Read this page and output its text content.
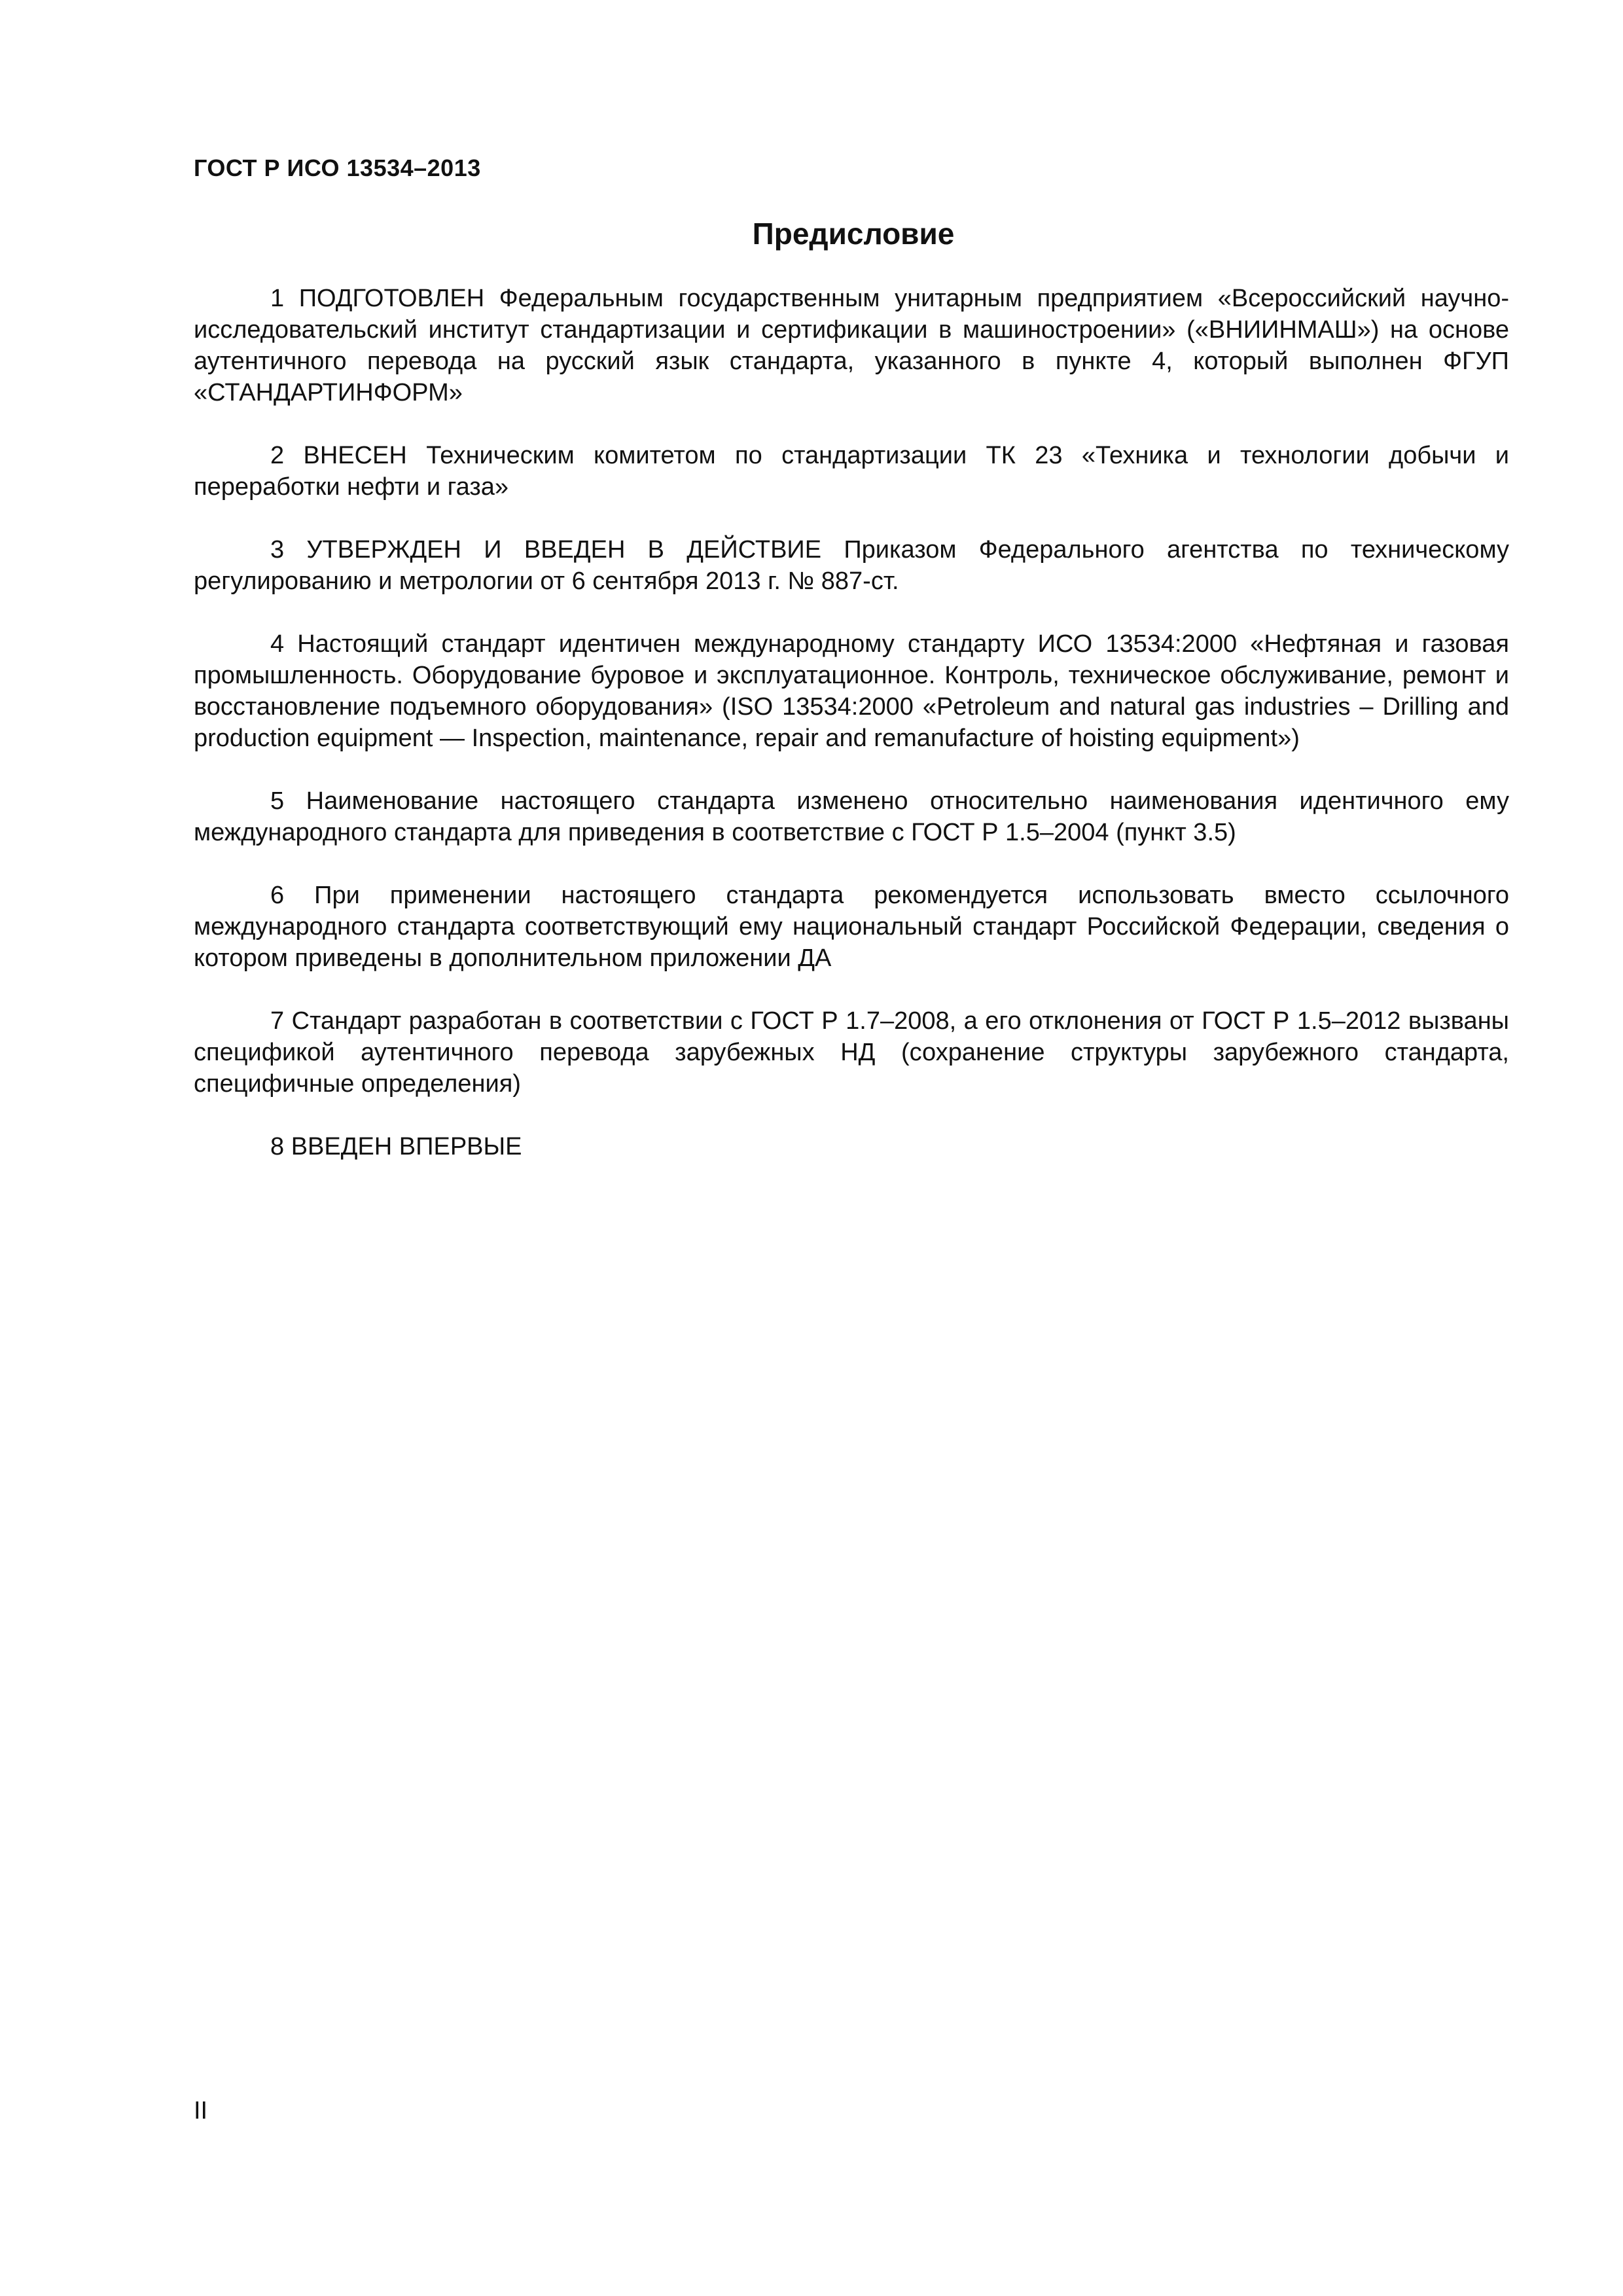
ГОСТ Р ИСО 13534–2013
Предисловие

1 ПОДГОТОВЛЕН Федеральным государственным унитарным предприятием «Всероссийский научно-исследовательский институт стандартизации и сертификации в машиностроении» («ВНИИНМАШ») на основе аутентичного перевода на русский язык стандарта, указанного в пункте 4, который выполнен ФГУП «СТАНДАРТИНФОРМ»

2 ВНЕСЕН Техническим комитетом по стандартизации ТК 23 «Техника и технологии добычи и переработки нефти и газа»

3 УТВЕРЖДЕН И ВВЕДЕН В ДЕЙСТВИЕ Приказом Федерального агентства по техническому регулированию и метрологии от 6 сентября 2013 г. № 887-ст.

4 Настоящий стандарт идентичен международному стандарту ИСО 13534:2000 «Нефтяная и газовая промышленность. Оборудование буровое и эксплуатационное. Контроль, техническое обслуживание, ремонт и восстановление подъемного оборудования» (ISO 13534:2000 «Petroleum and natural gas industries – Drilling and production equipment — Inspection, maintenance, repair and remanufacture of hoisting equipment»)

5 Наименование настоящего стандарта изменено относительно наименования идентичного ему международного стандарта для приведения в соответствие с ГОСТ Р 1.5–2004 (пункт 3.5)

6 При применении настоящего стандарта рекомендуется использовать вместо ссылочного международного стандарта соответствующий ему национальный стандарт Российской Федерации, сведения о котором приведены в дополнительном приложении ДА

7 Стандарт разработан в соответствии с ГОСТ Р 1.7–2008, а его отклонения от ГОСТ Р 1.5–2012 вызваны спецификой аутентичного перевода зарубежных НД (сохранение структуры зарубежного стандарта, специфичные определения)

8 ВВЕДЕН ВПЕРВЫЕ

II
